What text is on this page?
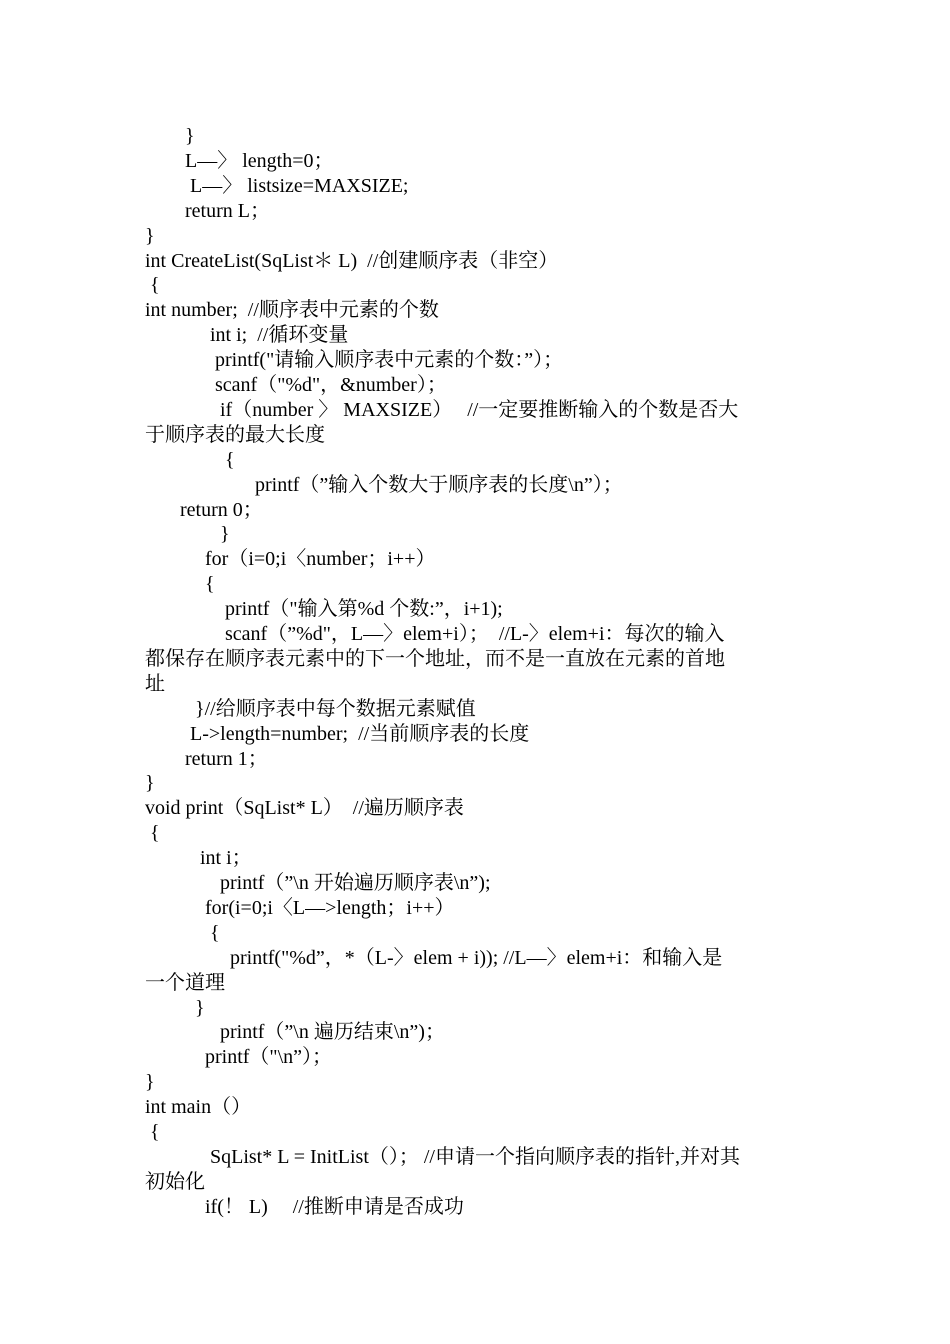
}
L—〉 length=0；
L—〉 listsize=MAXSIZE;
return L；
}
int CreateList(SqList＊ L)  //创建顺序表（非空）
{
int number;  //顺序表中元素的个数
int i;  //循环变量
printf("请输入顺序表中元素的个数：”）；
scanf（"%d"，&number）；
if（number 〉 MAXSIZE）   //一定要推断输入的个数是否大
于顺序表的最大长度
{
printf（”输入个数大于顺序表的长度\n”）；
return 0；
}
for（i=0;i〈number；i++）
{
printf（"输入第%d 个数:”，i+1);
scanf（”%d"，L—〉elem+i）；  //L-〉elem+i：每次的输入
都保存在顺序表元素中的下一个地址，而不是一直放在元素的首地
址
}//给顺序表中每个数据元素赋值
L->length=number;  //当前顺序表的长度
return 1；
}
void print（SqList* L）  //遍历顺序表
{
int i；
printf（”\n 开始遍历顺序表\n”);
for(i=0;i〈L—>length；i++）
{
printf("%d”，*（L-〉elem + i)); //L—〉elem+i：和输入是
一个道理
}
printf（”\n 遍历结束\n”)；
printf（"\n”）；
}
int main（）
{
SqList* L = InitList（）； //申请一个指向顺序表的指针,并对其
初始化
if(！ L)     //推断申请是否成功
